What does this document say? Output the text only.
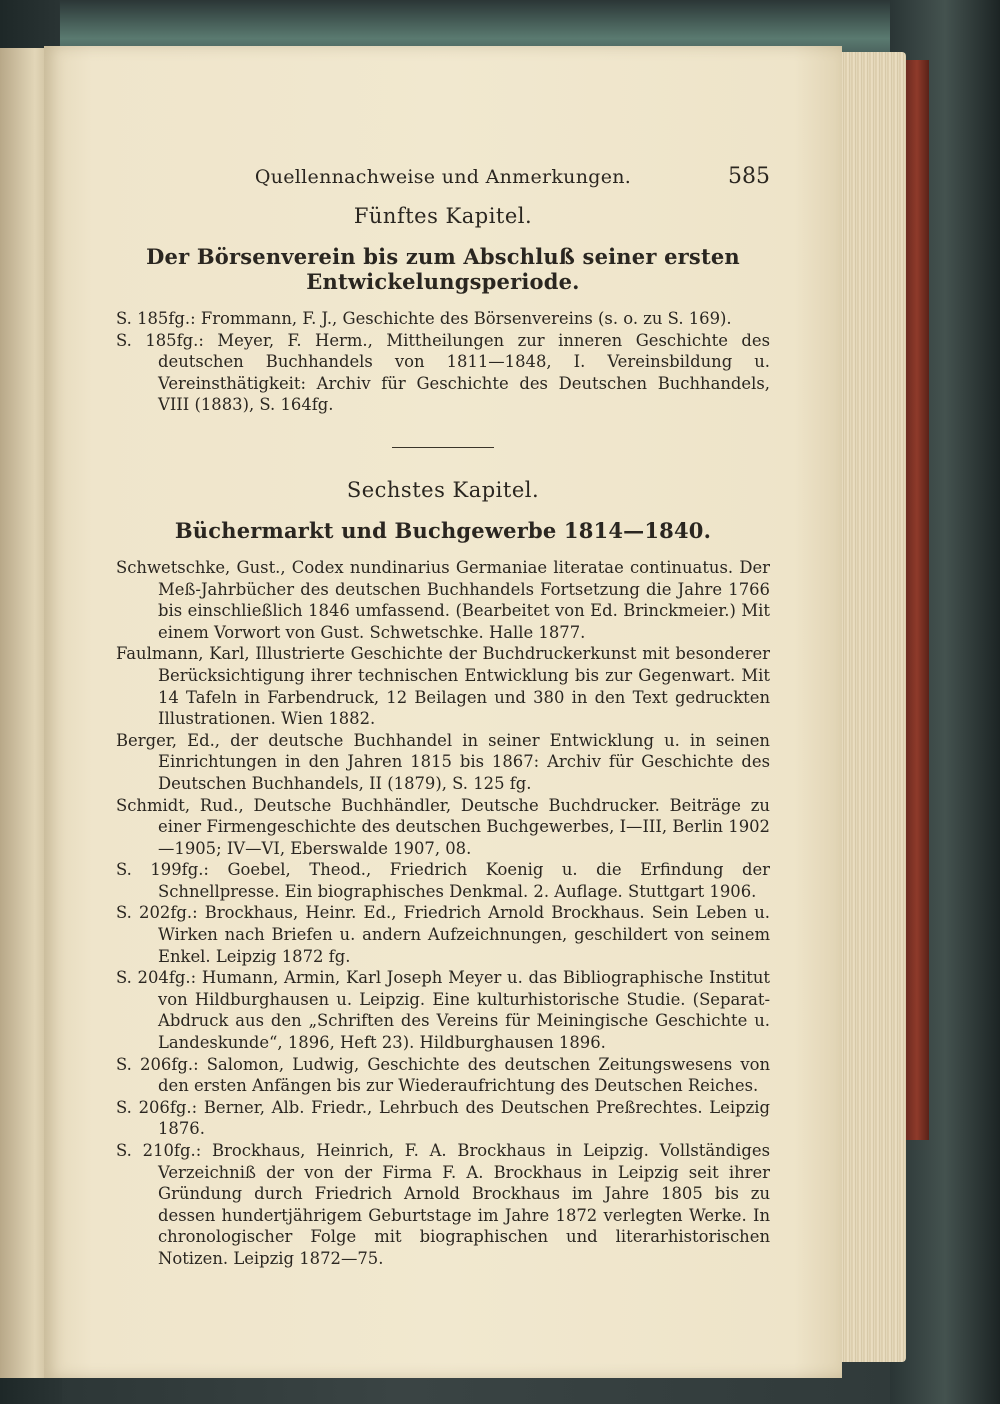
Quellennachweise und Anmerkungen.	585
Fünftes Kapitel.
Der Börsenverein bis zum Abschluß seiner ersten Entwickelungsperiode.

S. 185fg.: Frommann, F. J., Geschichte des Börsenvereins (s. o. zu S. 169).

S. 185fg.: Meyer, F. Herm., Mittheilungen zur inneren Geschichte des deutschen Buchhandels von 1811—1848, I. Vereinsbildung u. Vereinsthätigkeit: Archiv für Geschichte des Deutschen Buchhandels, VIII (1883), S. 164fg.

Sechstes Kapitel.
Büchermarkt und Buchgewerbe 1814—1840.

Schwetschke, Gust., Codex nundinarius Germaniae literatae continuatus. Der Meß-Jahrbücher des deutschen Buchhandels Fortsetzung die Jahre 1766 bis einschließlich 1846 umfassend. (Bearbeitet von Ed. Brinckmeier.) Mit einem Vorwort von Gust. Schwetschke. Halle 1877.

Faulmann, Karl, Illustrierte Geschichte der Buchdruckerkunst mit besonderer Berücksichtigung ihrer technischen Entwicklung bis zur Gegenwart. Mit 14 Tafeln in Farbendruck, 12 Beilagen und 380 in den Text gedruckten Illustrationen. Wien 1882.

Berger, Ed., der deutsche Buchhandel in seiner Entwicklung u. in seinen Einrichtungen in den Jahren 1815 bis 1867: Archiv für Geschichte des Deutschen Buchhandels, II (1879), S. 125 fg.

Schmidt, Rud., Deutsche Buchhändler, Deutsche Buchdrucker. Beiträge zu einer Firmengeschichte des deutschen Buchgewerbes, I—III, Berlin 1902—1905; IV—VI, Eberswalde 1907, 08.

S. 199fg.: Goebel, Theod., Friedrich Koenig u. die Erfindung der Schnellpresse. Ein biographisches Denkmal. 2. Auflage. Stuttgart 1906.

S. 202fg.: Brockhaus, Heinr. Ed., Friedrich Arnold Brockhaus. Sein Leben u. Wirken nach Briefen u. andern Aufzeichnungen, geschildert von seinem Enkel. Leipzig 1872 fg.

S. 204fg.: Humann, Armin, Karl Joseph Meyer u. das Bibliographische Institut von Hildburghausen u. Leipzig. Eine kulturhistorische Studie. (Separat-Abdruck aus den „Schriften des Vereins für Meiningische Geschichte u. Landeskunde“, 1896, Heft 23). Hildburghausen 1896.

S. 206fg.: Salomon, Ludwig, Geschichte des deutschen Zeitungswesens von den ersten Anfängen bis zur Wiederaufrichtung des Deutschen Reiches.

S. 206fg.: Berner, Alb. Friedr., Lehrbuch des Deutschen Preßrechtes. Leipzig 1876.

S. 210fg.: Brockhaus, Heinrich, F. A. Brockhaus in Leipzig. Vollständiges Verzeichniß der von der Firma F. A. Brockhaus in Leipzig seit ihrer Gründung durch Friedrich Arnold Brockhaus im Jahre 1805 bis zu dessen hundertjährigem Geburtstage im Jahre 1872 verlegten Werke. In chronologischer Folge mit biographischen und literarhistorischen Notizen. Leipzig 1872—75.
